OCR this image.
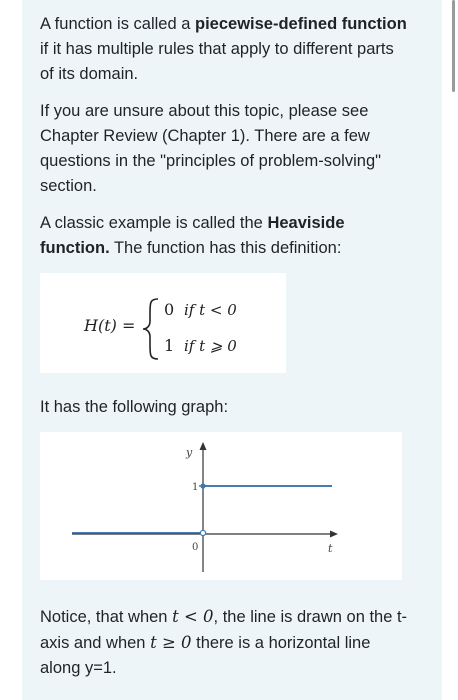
A function is called a piecewise-defined function if it has multiple rules that apply to different parts of its domain.

If you are unsure about this topic, please see Chapter Review (Chapter 1). There are a few questions in the "principles of problem-solving" section.

A classic example is called the Heaviside function. The function has this definition:

H(t) =
0 if t < 0
1 if t ⩾ 0

It has the following graph:

y
t
1
0

Notice, that when t < 0, the line is drawn on the t-axis and when t ≥ 0 there is a horizontal line along y=1.
